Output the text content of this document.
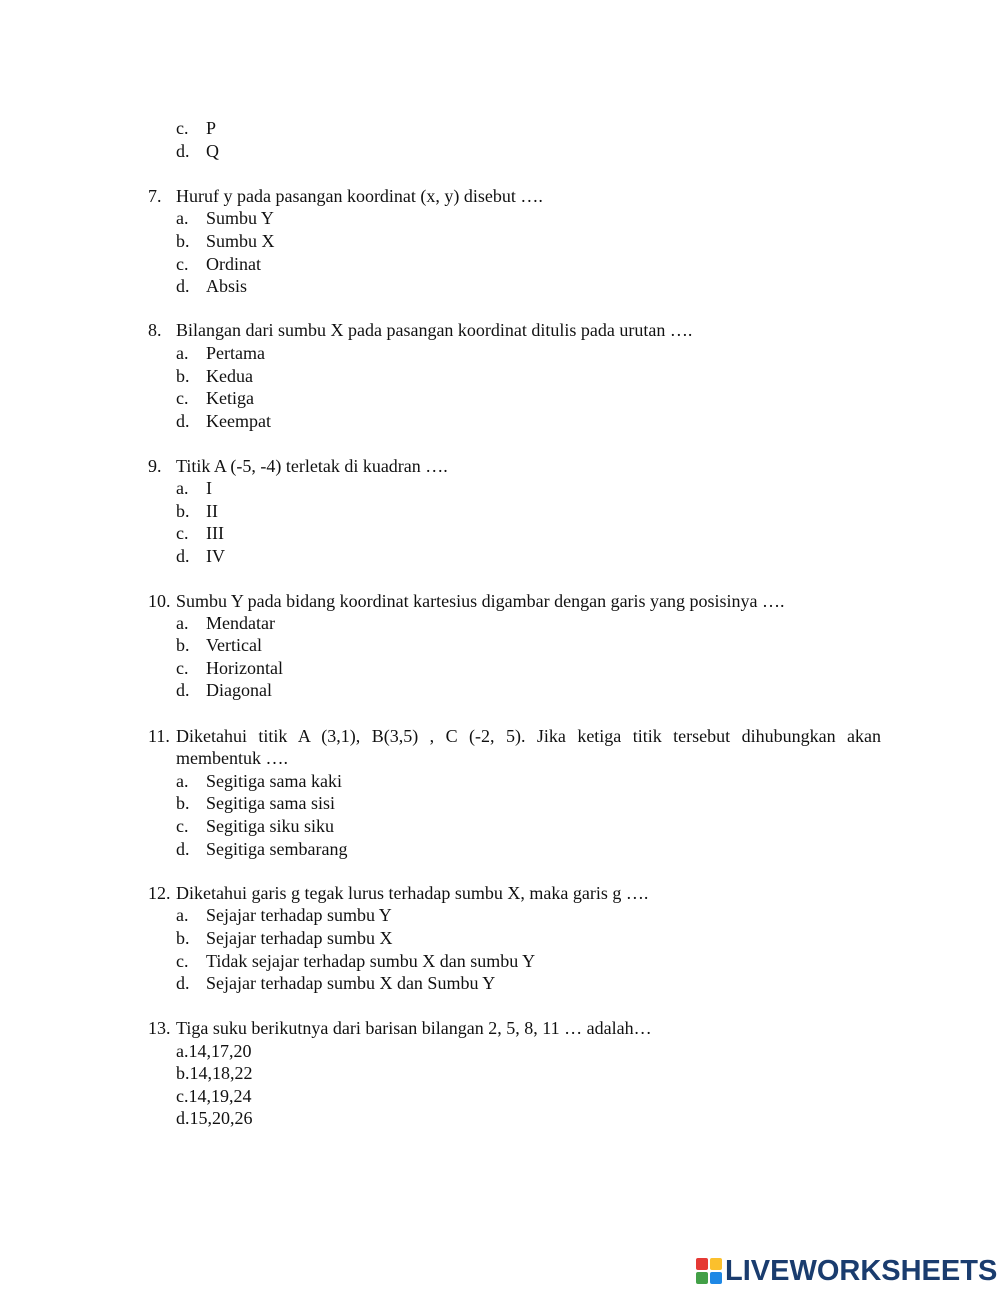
c. P
d. Q
7. Huruf y pada pasangan koordinat (x, y) disebut ….
a. Sumbu Y
b. Sumbu X
c. Ordinat
d. Absis
8. Bilangan dari sumbu X pada pasangan koordinat ditulis pada urutan ….
a. Pertama
b. Kedua
c. Ketiga
d. Keempat
9. Titik A (-5, -4) terletak di kuadran ….
a. I
b. II
c. III
d. IV
10. Sumbu Y pada bidang koordinat kartesius digambar dengan garis yang posisinya ….
a. Mendatar
b. Vertical
c. Horizontal
d. Diagonal
11. Diketahui titik A (3,1), B(3,5) , C (-2, 5). Jika ketiga titik tersebut dihubungkan akan
membentuk ….
a. Segitiga sama kaki
b. Segitiga sama sisi
c. Segitiga siku siku
d. Segitiga sembarang
12. Diketahui garis g tegak lurus terhadap sumbu X, maka garis g ….
a. Sejajar terhadap sumbu Y
b. Sejajar terhadap sumbu X
c. Tidak sejajar terhadap sumbu X dan sumbu Y
d. Sejajar terhadap sumbu X dan Sumbu Y
13. Tiga suku berikutnya dari barisan bilangan 2, 5, 8, 11 … adalah…
a.14,17,20
b.14,18,22
c.14,19,24
d.15,20,26
LIVEWORKSHEETS
